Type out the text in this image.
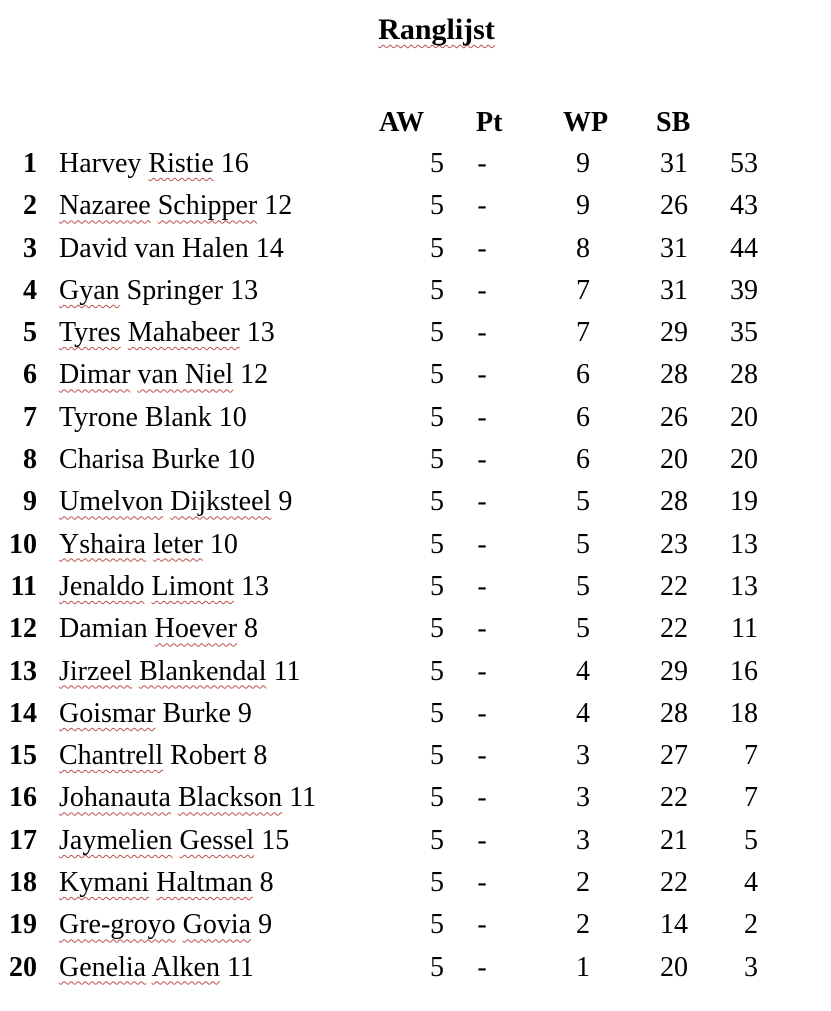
Ranglijst
AW Pt WP SB
1 Harvey Ristie 16	5	-	9	31	53
2 Nazaree Schipper 12	5	-	9	26	43
3 David van Halen 14	5	-	8	31	44
4 Gyan Springer 13	5	-	7	31	39
5 Tyres Mahabeer 13	5	-	7	29	35
6 Dimar van Niel 12	5	-	6	28	28
7 Tyrone Blank 10	5	-	6	26	20
8 Charisa Burke 10	5	-	6	20	20
9 Umelvon Dijksteel 9	5	-	5	28	19
10 Yshaira leter 10	5	-	5	23	13
11 Jenaldo Limont 13	5	-	5	22	13
12 Damian Hoever 8	5	-	5	22	11
13 Jirzeel Blankendal 11	5	-	4	29	16
14 Goismar Burke 9	5	-	4	28	18
15 Chantrell Robert 8	5	-	3	27	7
16 Johanauta Blackson 11	5	-	3	22	7
17 Jaymelien Gessel 15	5	-	3	21	5
18 Kymani Haltman 8	5	-	2	22	4
19 Gre-groyo Govia 9	5	-	2	14	2
20 Genelia Alken 11	5	-	1	20	3
